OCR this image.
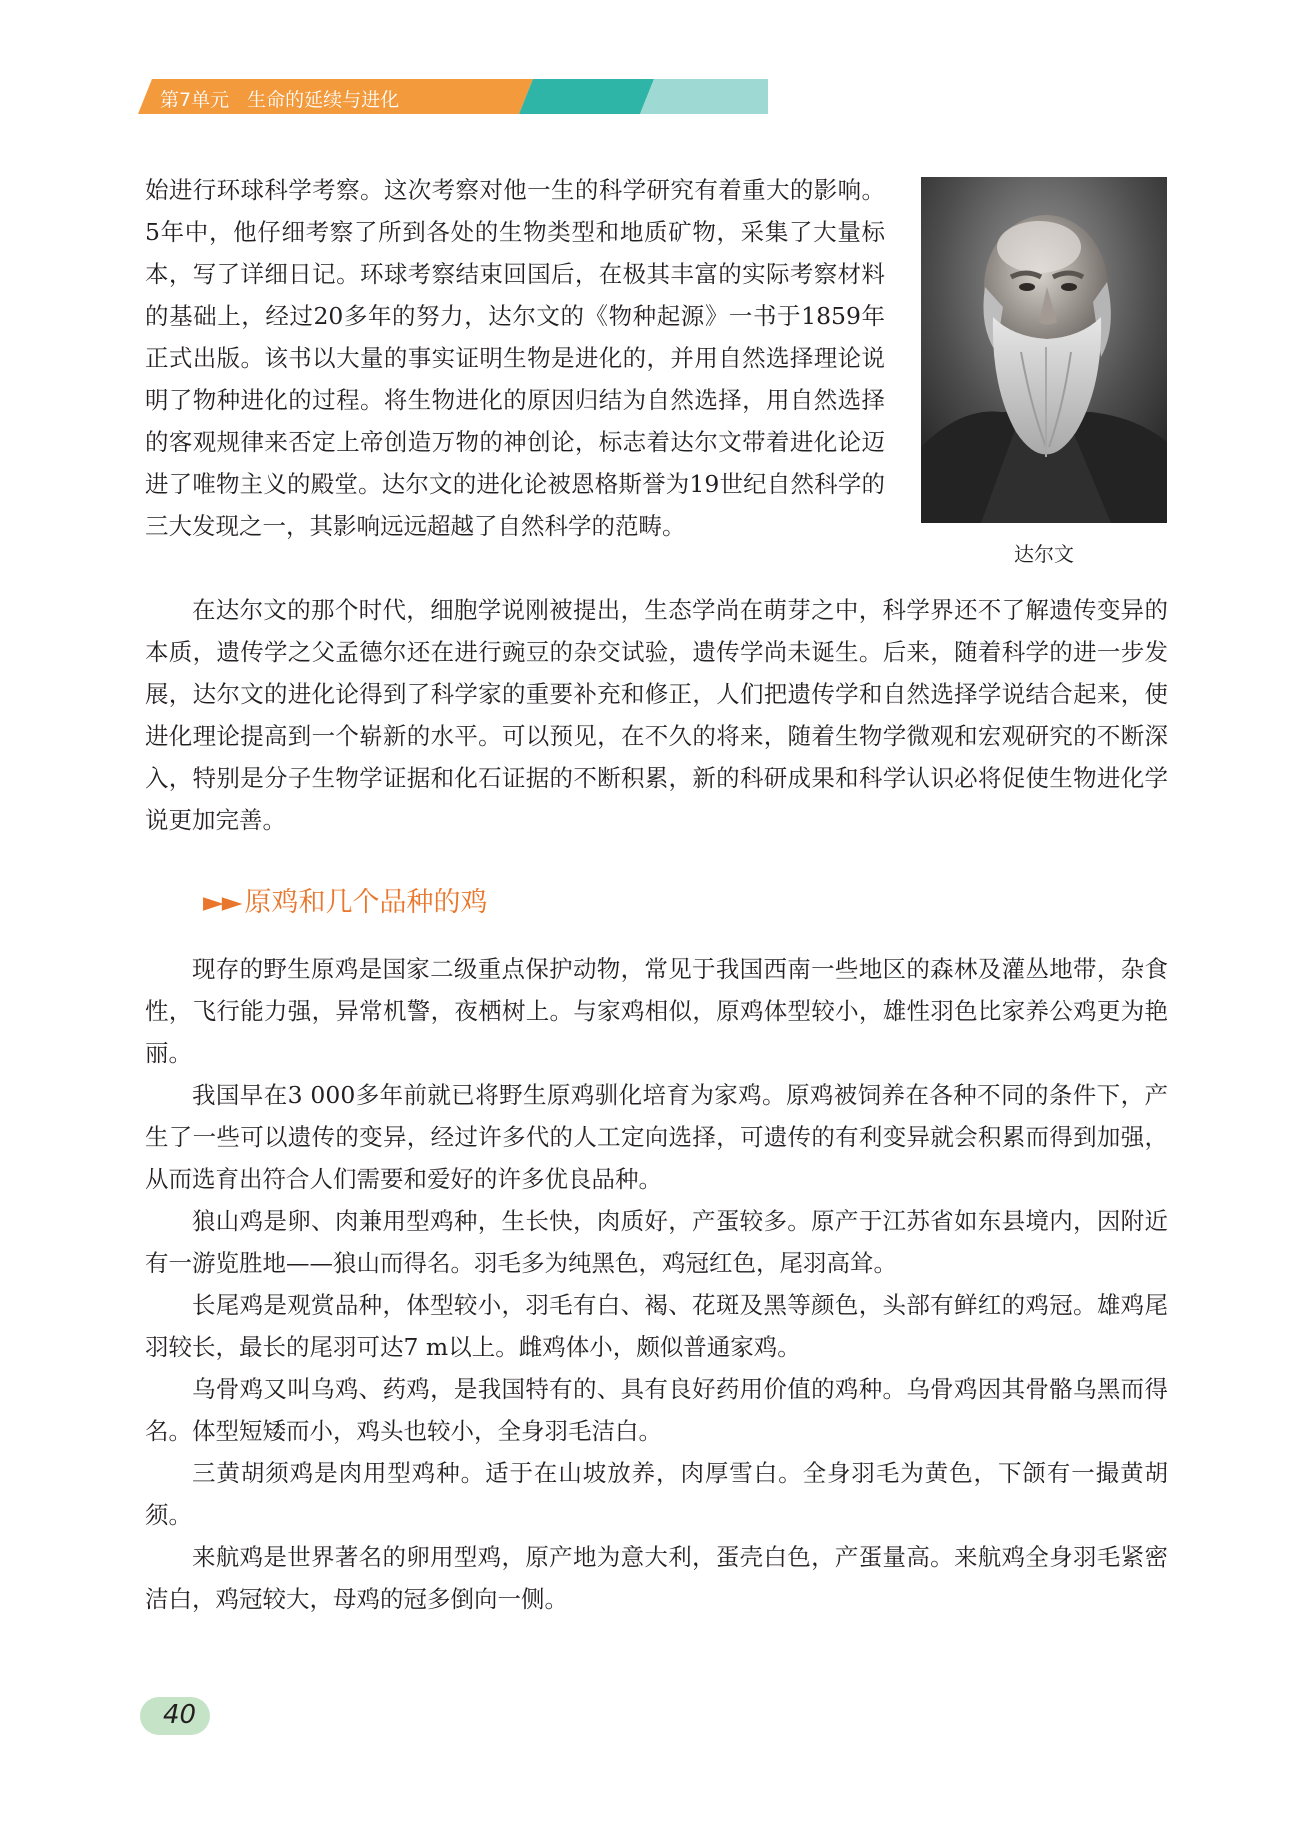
第7单元 生命的延续与进化

始进行环球科学考察。这次考察对他一生的科学研究有着重大的影响。5年中，他仔细考察了所到各处的生物类型和地质矿物，采集了大量标本，写了详细日记。环球考察结束回国后，在极其丰富的实际考察材料的基础上，经过20多年的努力，达尔文的《物种起源》一书于1859年正式出版。该书以大量的事实证明生物是进化的，并用自然选择理论说明了物种进化的过程。将生物进化的原因归结为自然选择，用自然选择的客观规律来否定上帝创造万物的神创论，标志着达尔文带着进化论迈进了唯物主义的殿堂。达尔文的进化论被恩格斯誉为19世纪自然科学的三大发现之一，其影响远远超越了自然科学的范畴。

达尔文

在达尔文的那个时代，细胞学说刚被提出，生态学尚在萌芽之中，科学界还不了解遗传变异的本质，遗传学之父孟德尔还在进行豌豆的杂交试验，遗传学尚未诞生。后来，随着科学的进一步发展，达尔文的进化论得到了科学家的重要补充和修正，人们把遗传学和自然选择学说结合起来，使进化理论提高到一个崭新的水平。可以预见，在不久的将来，随着生物学微观和宏观研究的不断深入，特别是分子生物学证据和化石证据的不断积累，新的科研成果和科学认识必将促使生物进化学说更加完善。

►► 原鸡和几个品种的鸡

现存的野生原鸡是国家二级重点保护动物，常见于我国西南一些地区的森林及灌丛地带，杂食性，飞行能力强，异常机警，夜栖树上。与家鸡相似，原鸡体型较小，雄性羽色比家养公鸡更为艳丽。

我国早在3 000多年前就已将野生原鸡驯化培育为家鸡。原鸡被饲养在各种不同的条件下，产生了一些可以遗传的变异，经过许多代的人工定向选择，可遗传的有利变异就会积累而得到加强，从而选育出符合人们需要和爱好的许多优良品种。

狼山鸡是卵、肉兼用型鸡种，生长快，肉质好，产蛋较多。原产于江苏省如东县境内，因附近有一游览胜地——狼山而得名。羽毛多为纯黑色，鸡冠红色，尾羽高耸。

长尾鸡是观赏品种，体型较小，羽毛有白、褐、花斑及黑等颜色，头部有鲜红的鸡冠。雄鸡尾羽较长，最长的尾羽可达7 m以上。雌鸡体小，颇似普通家鸡。

乌骨鸡又叫乌鸡、药鸡，是我国特有的、具有良好药用价值的鸡种。乌骨鸡因其骨骼乌黑而得名。体型短矮而小，鸡头也较小，全身羽毛洁白。

三黄胡须鸡是肉用型鸡种。适于在山坡放养，肉厚雪白。全身羽毛为黄色，下颌有一撮黄胡须。

来航鸡是世界著名的卵用型鸡，原产地为意大利，蛋壳白色，产蛋量高。来航鸡全身羽毛紧密洁白，鸡冠较大，母鸡的冠多倒向一侧。

40
